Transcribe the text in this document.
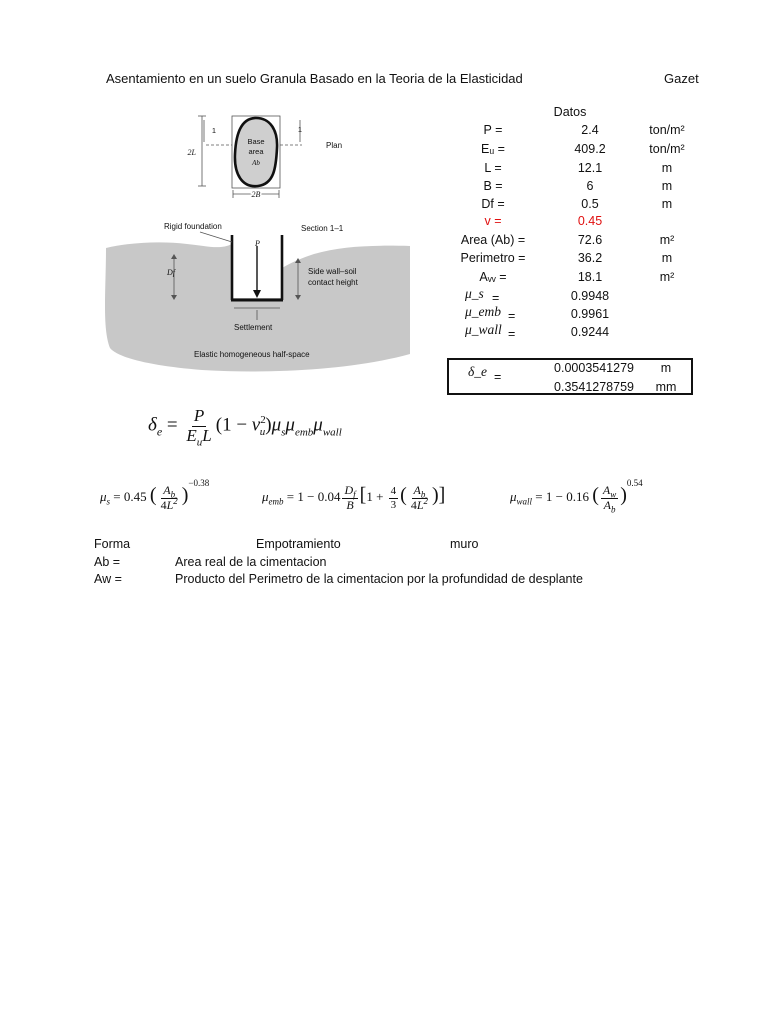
Asentamiento en un suelo Granula Basado en la Teoria de la Elasticidad	Gazet
Base
area
Ab
2L
2B
1	1
Plan
Rigid foundation	Section 1–1
P
Df	Side wall–soil
contact height
Settlement
Elastic homogeneous half-space
Datos
P =	2.4	ton/m²
Eᵤ =	409.2	ton/m²
L =	12.1	m
B =	6	m
Df =	0.5	m
v =	0.45
Area (Ab) =	72.6	m²
Perimetro =	36.2	m
Aᵥᵥ =	18.1	m²
μ_s =	0.9948
μ_emb =	0.9961
μ_wall =	0.9244
δ_e =
0.0003541279	m
0.3541278759	mm
$\delta_e = \frac{P}{E_uL} (1 - v^2_u)\mu_s\mu_{emb}\mu_{wall}$
$\mu_s = 0.45$ ( $\frac{A_b}{4L^2} )^{-0.38}$
$\mu_{emb} = 1 - 0.04 \frac{D_f}{B} [1 + \frac{4}{3}$ ( $\frac{A_b}{4L^2}$ )]	$\mu_{wall} = 1 - 0.16$ ( $\frac{A_w}{A_b} )^{0.54}$
Forma	Empotramiento	muro
Ab =	Area real de la cimentacion
Aw =	Producto del Perimetro de la cimentacion por la profundidad de desplante
